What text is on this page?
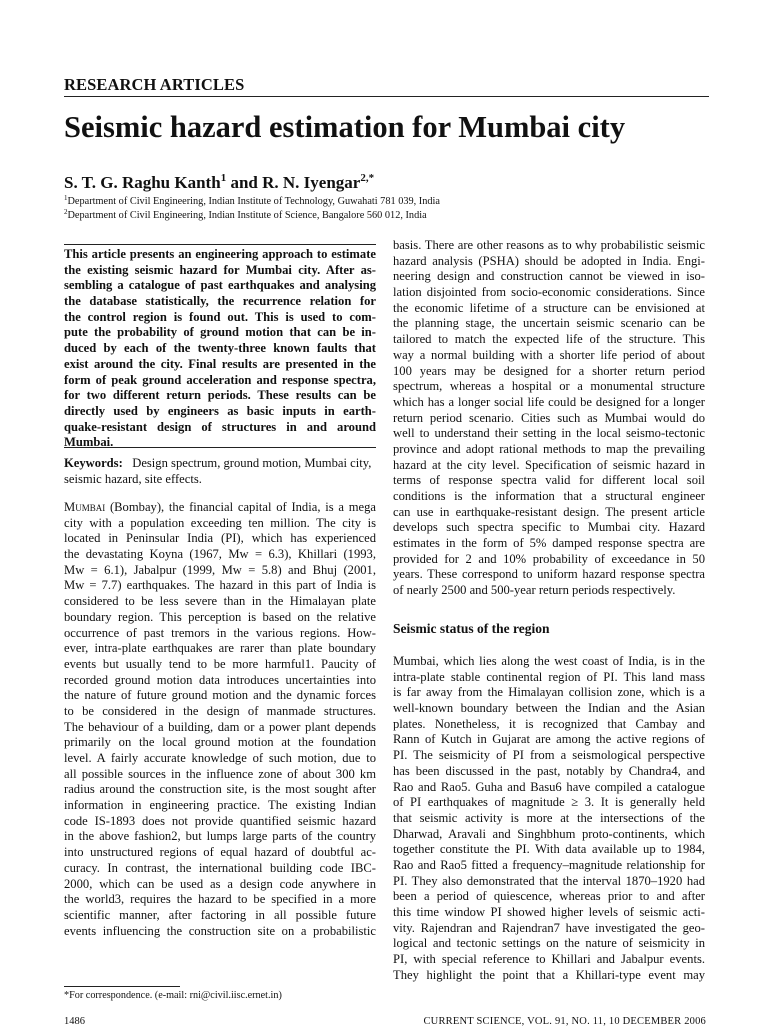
RESEARCH ARTICLES
Seismic hazard estimation for Mumbai city
S. T. G. Raghu Kanth$^1$ and R. N. Iyengar$^{2,*}$
$^1$Department of Civil Engineering, Indian Institute of Technology, Guwahati 781 039, India
$^2$Department of Civil Engineering, Indian Institute of Science, Bangalore 560 012, India
This article presents an engineering approach to estimate
the existing seismic hazard for Mumbai city. After as-
sembling a catalogue of past earthquakes and analysing
the database statistically, the recurrence relation for
the control region is found out. This is used to com-
pute the probability of ground motion that can be in-
duced by each of the twenty-three known faults that
exist around the city. Final results are presented in the
form of peak ground acceleration and response spectra,
for two different return periods. These results can be
directly used by engineers as basic inputs in earth-
quake-resistant design of structures in and around
Mumbai.
Keywords: Design spectrum, ground motion, Mumbai city,
seismic hazard, site effects.
Mumbai (Bombay), the financial capital of India, is a mega
city with a population exceeding ten million. The city is
located in Peninsular India (PI), which has experienced
the devastating Koyna (1967, Mw = 6.3), Khillari (1993,
Mw = 6.1), Jabalpur (1999, Mw = 5.8) and Bhuj (2001,
Mw = 7.7) earthquakes. The hazard in this part of India is
considered to be less severe than in the Himalayan plate
boundary region. This perception is based on the relative
occurrence of past tremors in the various regions. How-
ever, intra-plate earthquakes are rarer than plate boundary
events but usually tend to be more harmful1. Paucity of
recorded ground motion data introduces uncertainties into
the nature of future ground motion and the dynamic forces
to be considered in the design of manmade structures.
The behaviour of a building, dam or a power plant depends
primarily on the local ground motion at the foundation
level. A fairly accurate knowledge of such motion, due to
all possible sources in the influence zone of about 300 km
radius around the construction site, is the most sought after
information in engineering practice. The existing Indian
code IS-1893 does not provide quantified seismic hazard
in the above fashion2, but lumps large parts of the country
into unstructured regions of equal hazard of doubtful ac-
curacy. In contrast, the international building code IBC-
2000, which can be used as a design code anywhere in
the world3, requires the hazard to be specified in a more
scientific manner, after factoring in all possible future
events influencing the construction site on a probabilistic
basis. There are other reasons as to why probabilistic seismic
hazard analysis (PSHA) should be adopted in India. Engi-
neering design and construction cannot be viewed in iso-
lation disjointed from socio-economic considerations. Since
the economic lifetime of a structure can be envisioned at
the planning stage, the uncertain seismic scenario can be
tailored to match the expected life of the structure. This
way a normal building with a shorter life period of about
100 years may be designed for a shorter return period
spectrum, whereas a hospital or a monumental structure
which has a longer social life could be designed for a longer
return period scenario. Cities such as Mumbai would do
well to understand their setting in the local seismo-tectonic
province and adopt rational methods to map the prevailing
hazard at the city level. Specification of seismic hazard in
terms of response spectra valid for different local soil
conditions is the information that a structural engineer
can use in earthquake-resistant design. The present article
develops such spectra specific to Mumbai city. Hazard
estimates in the form of 5% damped response spectra are
provided for 2 and 10% probability of exceedance in 50
years. These correspond to uniform hazard response spectra
of nearly 2500 and 500-year return periods respectively.
Seismic status of the region
Mumbai, which lies along the west coast of India, is in the
intra-plate stable continental region of PI. This land mass
is far away from the Himalayan collision zone, which is a
well-known boundary between the Indian and the Asian
plates. Nonetheless, it is recognized that Cambay and
Rann of Kutch in Gujarat are among the active regions of
PI. The seismicity of PI from a seismological perspective
has been discussed in the past, notably by Chandra4, and
Rao and Rao5. Guha and Basu6 have compiled a catalogue
of PI earthquakes of magnitude ≥ 3. It is generally held
that seismic activity is more at the intersections of the
Dharwad, Aravali and Singhbhum proto-continents, which
together constitute the PI. With data available up to 1984,
Rao and Rao5 fitted a frequency–magnitude relationship for
PI. They also demonstrated that the interval 1870–1920 had
been a period of quiescence, whereas prior to and after
this time window PI showed higher levels of seismic acti-
vity. Rajendran and Rajendran7 have investigated the geo-
logical and tectonic settings on the nature of seismicity in
PI, with special reference to Khillari and Jabalpur events.
They highlight the point that a Khillari-type event may
*For correspondence. (e-mail: rni@civil.iisc.ernet.in)
1486	CURRENT SCIENCE, VOL. 91, NO. 11, 10 DECEMBER 2006
